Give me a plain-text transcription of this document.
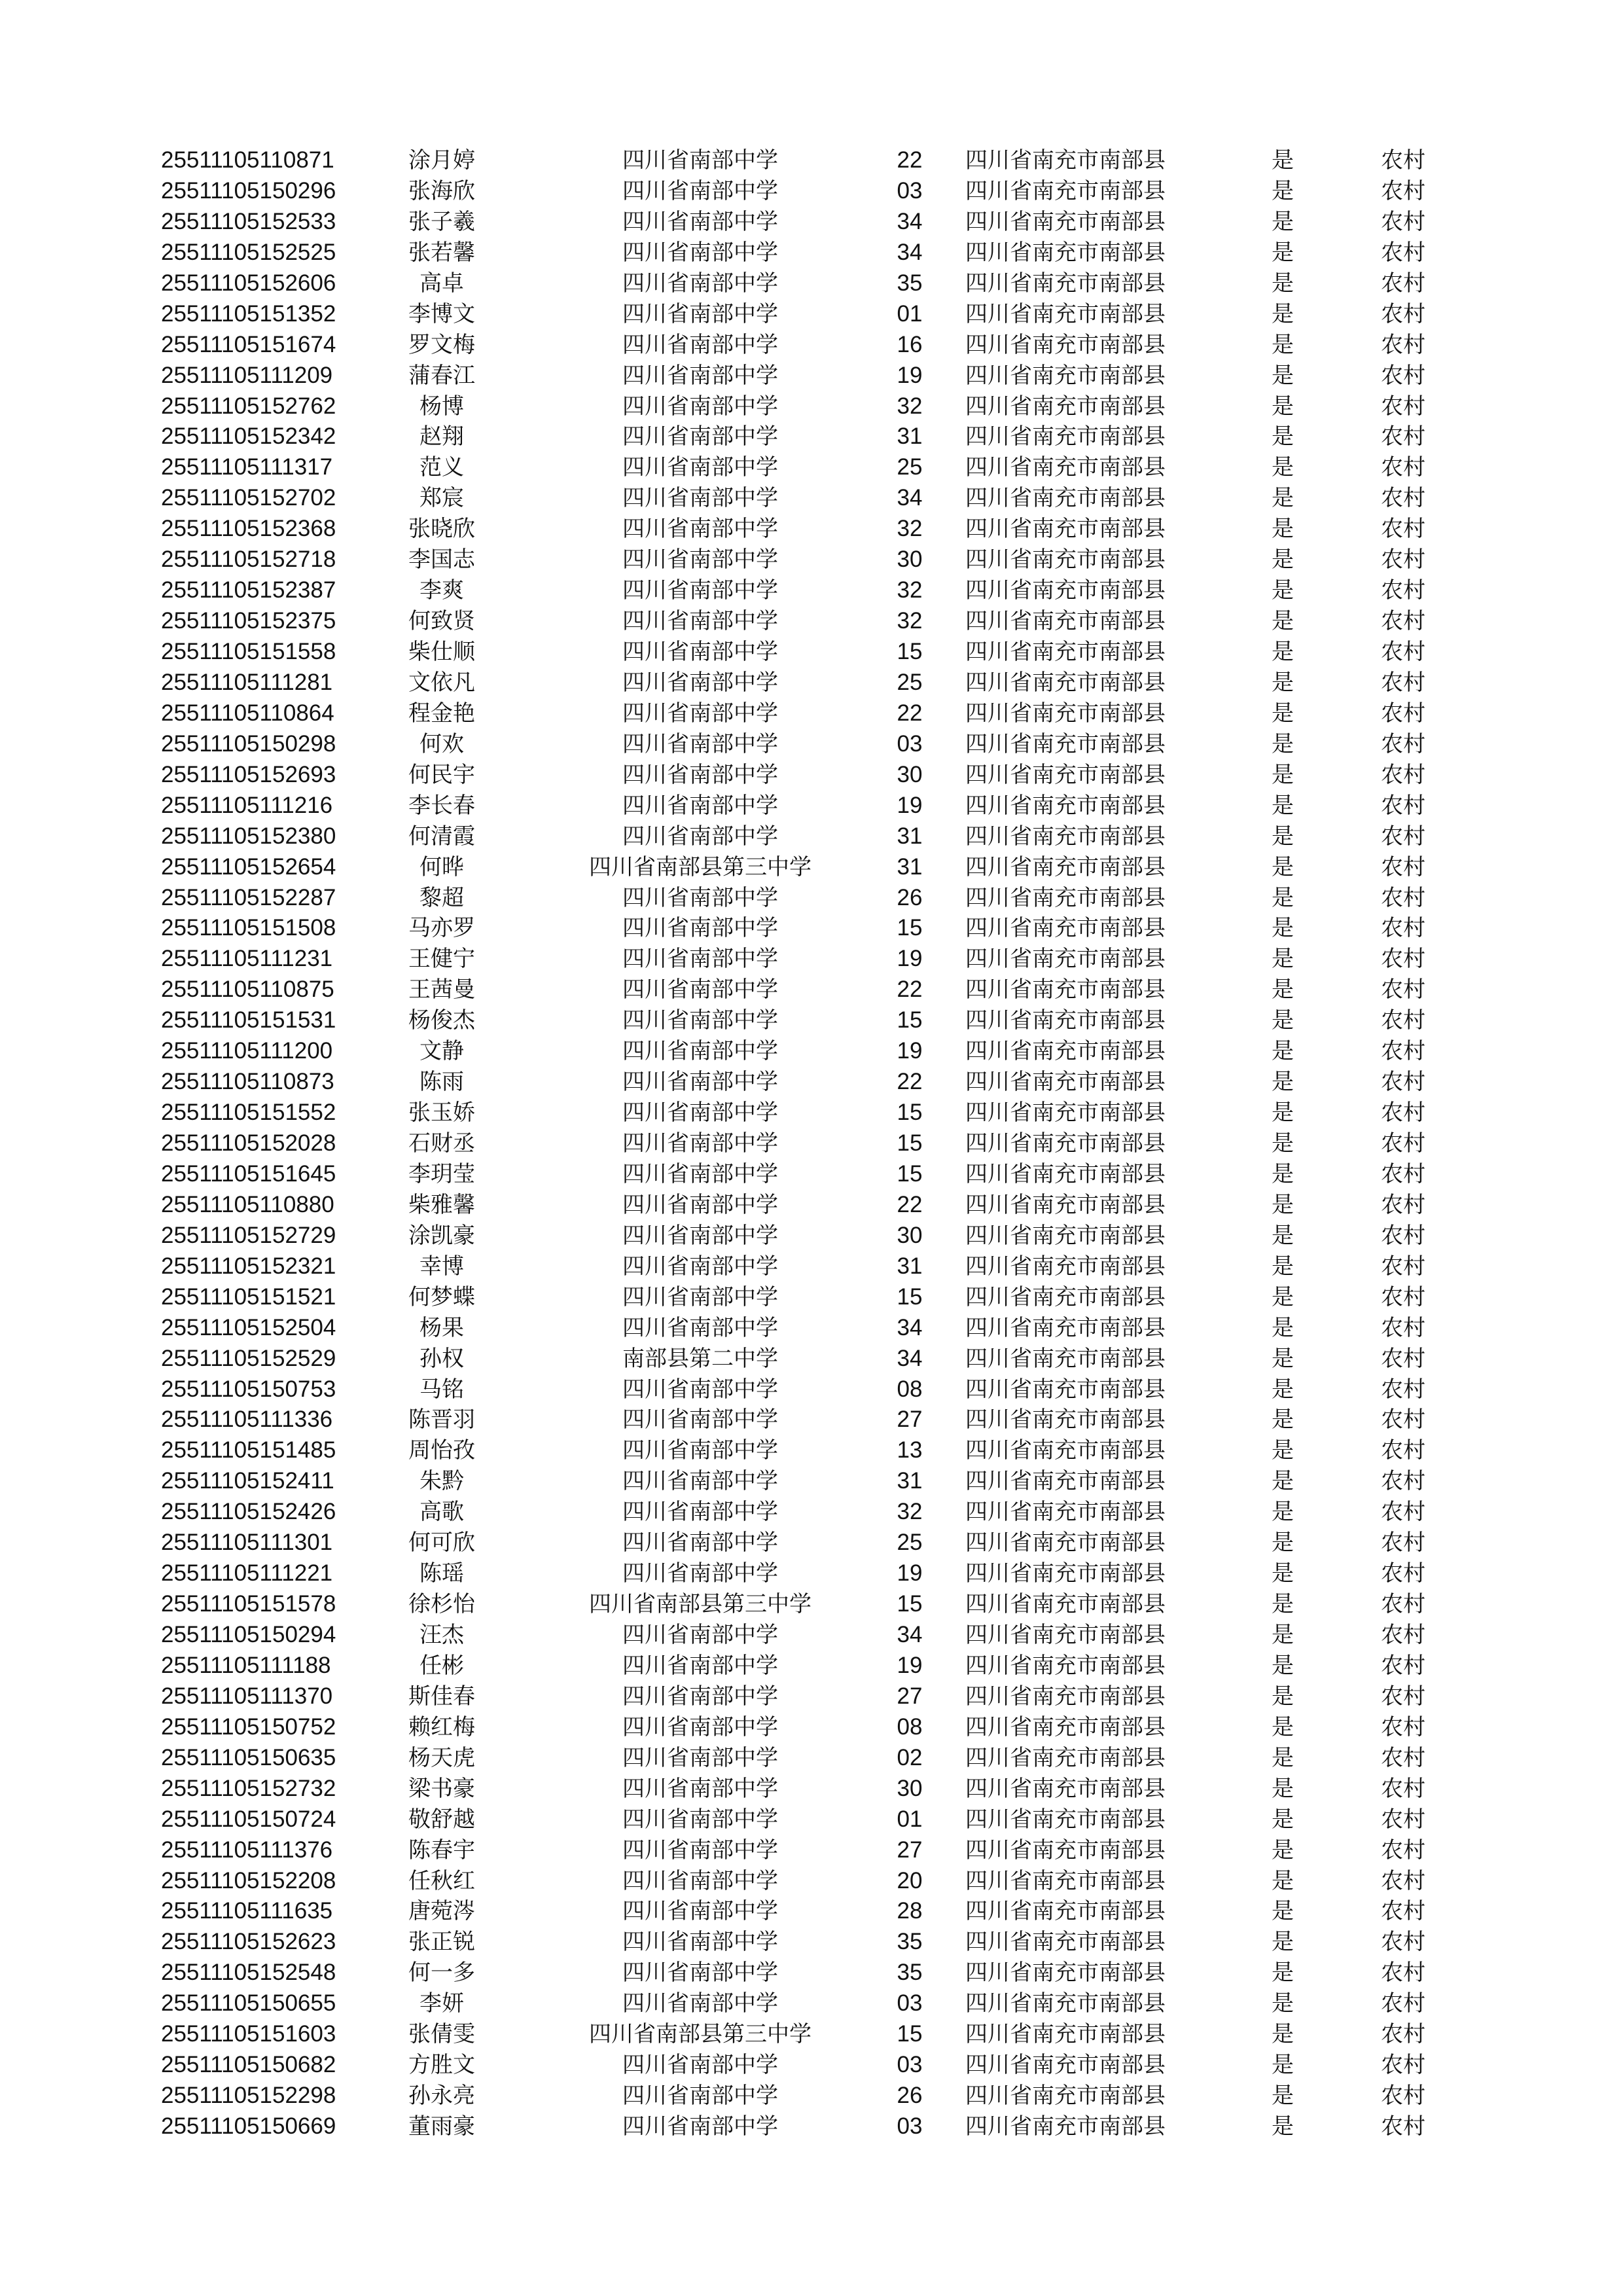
25511105110871	涂月婷	四川省南部中学	22	四川省南充市南部县	是	农村
25511105150296	张海欣	四川省南部中学	03	四川省南充市南部县	是	农村
25511105152533	张子羲	四川省南部中学	34	四川省南充市南部县	是	农村
25511105152525	张若馨	四川省南部中学	34	四川省南充市南部县	是	农村
25511105152606	高卓	四川省南部中学	35	四川省南充市南部县	是	农村
25511105151352	李博文	四川省南部中学	01	四川省南充市南部县	是	农村
25511105151674	罗文梅	四川省南部中学	16	四川省南充市南部县	是	农村
25511105111209	蒲春江	四川省南部中学	19	四川省南充市南部县	是	农村
25511105152762	杨博	四川省南部中学	32	四川省南充市南部县	是	农村
25511105152342	赵翔	四川省南部中学	31	四川省南充市南部县	是	农村
25511105111317	范义	四川省南部中学	25	四川省南充市南部县	是	农村
25511105152702	郑宸	四川省南部中学	34	四川省南充市南部县	是	农村
25511105152368	张晓欣	四川省南部中学	32	四川省南充市南部县	是	农村
25511105152718	李国志	四川省南部中学	30	四川省南充市南部县	是	农村
25511105152387	李爽	四川省南部中学	32	四川省南充市南部县	是	农村
25511105152375	何致贤	四川省南部中学	32	四川省南充市南部县	是	农村
25511105151558	柴仕顺	四川省南部中学	15	四川省南充市南部县	是	农村
25511105111281	文依凡	四川省南部中学	25	四川省南充市南部县	是	农村
25511105110864	程金艳	四川省南部中学	22	四川省南充市南部县	是	农村
25511105150298	何欢	四川省南部中学	03	四川省南充市南部县	是	农村
25511105152693	何民宇	四川省南部中学	30	四川省南充市南部县	是	农村
25511105111216	李长春	四川省南部中学	19	四川省南充市南部县	是	农村
25511105152380	何清霞	四川省南部中学	31	四川省南充市南部县	是	农村
25511105152654	何晔	四川省南部县第三中学	31	四川省南充市南部县	是	农村
25511105152287	黎超	四川省南部中学	26	四川省南充市南部县	是	农村
25511105151508	马亦罗	四川省南部中学	15	四川省南充市南部县	是	农村
25511105111231	王健宁	四川省南部中学	19	四川省南充市南部县	是	农村
25511105110875	王茜曼	四川省南部中学	22	四川省南充市南部县	是	农村
25511105151531	杨俊杰	四川省南部中学	15	四川省南充市南部县	是	农村
25511105111200	文静	四川省南部中学	19	四川省南充市南部县	是	农村
25511105110873	陈雨	四川省南部中学	22	四川省南充市南部县	是	农村
25511105151552	张玉娇	四川省南部中学	15	四川省南充市南部县	是	农村
25511105152028	石财丞	四川省南部中学	15	四川省南充市南部县	是	农村
25511105151645	李玥莹	四川省南部中学	15	四川省南充市南部县	是	农村
25511105110880	柴雅馨	四川省南部中学	22	四川省南充市南部县	是	农村
25511105152729	涂凯豪	四川省南部中学	30	四川省南充市南部县	是	农村
25511105152321	幸博	四川省南部中学	31	四川省南充市南部县	是	农村
25511105151521	何梦蝶	四川省南部中学	15	四川省南充市南部县	是	农村
25511105152504	杨果	四川省南部中学	34	四川省南充市南部县	是	农村
25511105152529	孙权	南部县第二中学	34	四川省南充市南部县	是	农村
25511105150753	马铭	四川省南部中学	08	四川省南充市南部县	是	农村
25511105111336	陈晋羽	四川省南部中学	27	四川省南充市南部县	是	农村
25511105151485	周怡孜	四川省南部中学	13	四川省南充市南部县	是	农村
25511105152411	朱黔	四川省南部中学	31	四川省南充市南部县	是	农村
25511105152426	高歌	四川省南部中学	32	四川省南充市南部县	是	农村
25511105111301	何可欣	四川省南部中学	25	四川省南充市南部县	是	农村
25511105111221	陈瑶	四川省南部中学	19	四川省南充市南部县	是	农村
25511105151578	徐杉怡	四川省南部县第三中学	15	四川省南充市南部县	是	农村
25511105150294	汪杰	四川省南部中学	34	四川省南充市南部县	是	农村
25511105111188	任彬	四川省南部中学	19	四川省南充市南部县	是	农村
25511105111370	斯佳春	四川省南部中学	27	四川省南充市南部县	是	农村
25511105150752	赖红梅	四川省南部中学	08	四川省南充市南部县	是	农村
25511105150635	杨天虎	四川省南部中学	02	四川省南充市南部县	是	农村
25511105152732	梁书豪	四川省南部中学	30	四川省南充市南部县	是	农村
25511105150724	敬舒越	四川省南部中学	01	四川省南充市南部县	是	农村
25511105111376	陈春宇	四川省南部中学	27	四川省南充市南部县	是	农村
25511105152208	任秋红	四川省南部中学	20	四川省南充市南部县	是	农村
25511105111635	唐菀涔	四川省南部中学	28	四川省南充市南部县	是	农村
25511105152623	张正锐	四川省南部中学	35	四川省南充市南部县	是	农村
25511105152548	何一多	四川省南部中学	35	四川省南充市南部县	是	农村
25511105150655	李妍	四川省南部中学	03	四川省南充市南部县	是	农村
25511105151603	张倩雯	四川省南部县第三中学	15	四川省南充市南部县	是	农村
25511105150682	方胜文	四川省南部中学	03	四川省南充市南部县	是	农村
25511105152298	孙永亮	四川省南部中学	26	四川省南充市南部县	是	农村
25511105150669	董雨豪	四川省南部中学	03	四川省南充市南部县	是	农村
